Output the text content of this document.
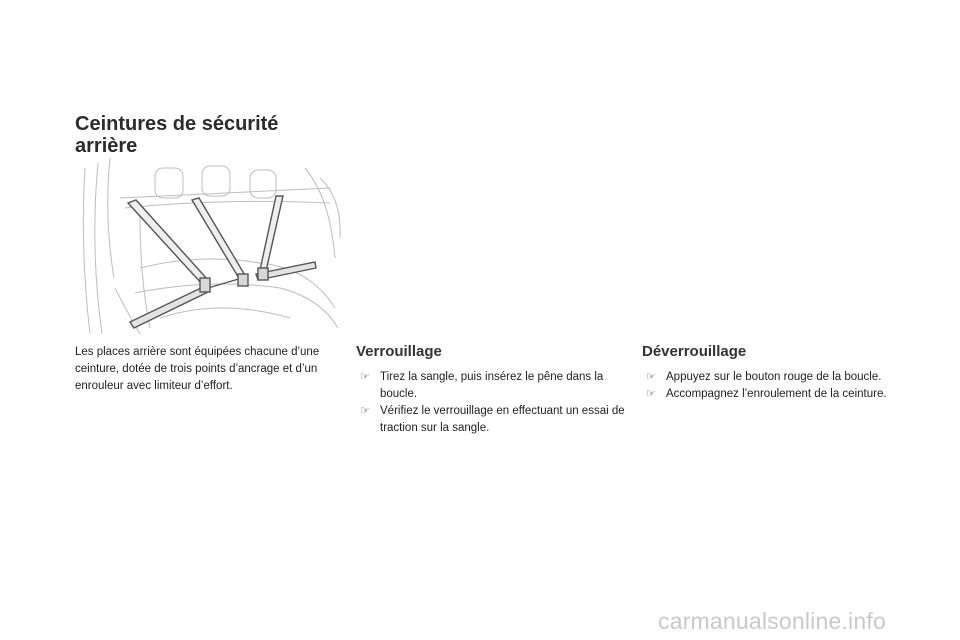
Ceintures de sécurité
arrière

Les places arrière sont équipées chacune d’une ceinture, dotée de trois points d’ancrage et d’un enrouleur avec limiteur d’effort.

Verrouillage
☞ Tirez la sangle, puis insérez le pêne dans la boucle.
☞ Vérifiez le verrouillage en effectuant un essai de traction sur la sangle.
Déverrouillage
☞ Appuyez sur le bouton rouge de la boucle.
☞ Accompagnez l’enroulement de la ceinture.
carmanualsonline.info
